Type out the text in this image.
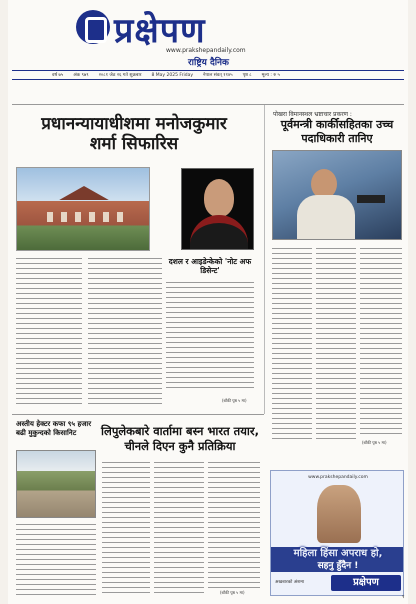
प्रक्षेपण
www.prakshepandaily.com
राष्ट्रिय दैनिक
वर्ष ७५ अंक ९७९ २०८१ जेठ २६ गते शुक्रबार 8 May 2025 Friday नेपाल संवत् ११४५ पृष्ठ ८ मूल्य : रु ५
प्रधानन्यायाधीशमा मनोजकुमार
शर्मा सिफारिस
दशल र आइडेन्केको 'नोट अफ डिसेन्ट'
(बाँकी पृष्ठ ५ मा)
पोखरा विमानस्थल भ्रष्टाचार प्रकरण :
पूर्वमन्त्री कार्कीसहितका उच्च पदाधिकारी तानिए
(बाँकी पृष्ठ ५ मा)
अस्तीय हेक्टर कफा ९५ हजार बढी मुकुन्दको किसानिट	लिपुलेकबारे वार्तामा बस्न भारत तयार, चीनले दिएन कुनै प्रतिक्रिया
(बाँकी पृष्ठ ५ मा)
www.prakshepandaily.com
महिला हिंसा अपराध हो,
सहनु हुँदैन !
अखबारको अंशमा	प्रक्षेपण
१
